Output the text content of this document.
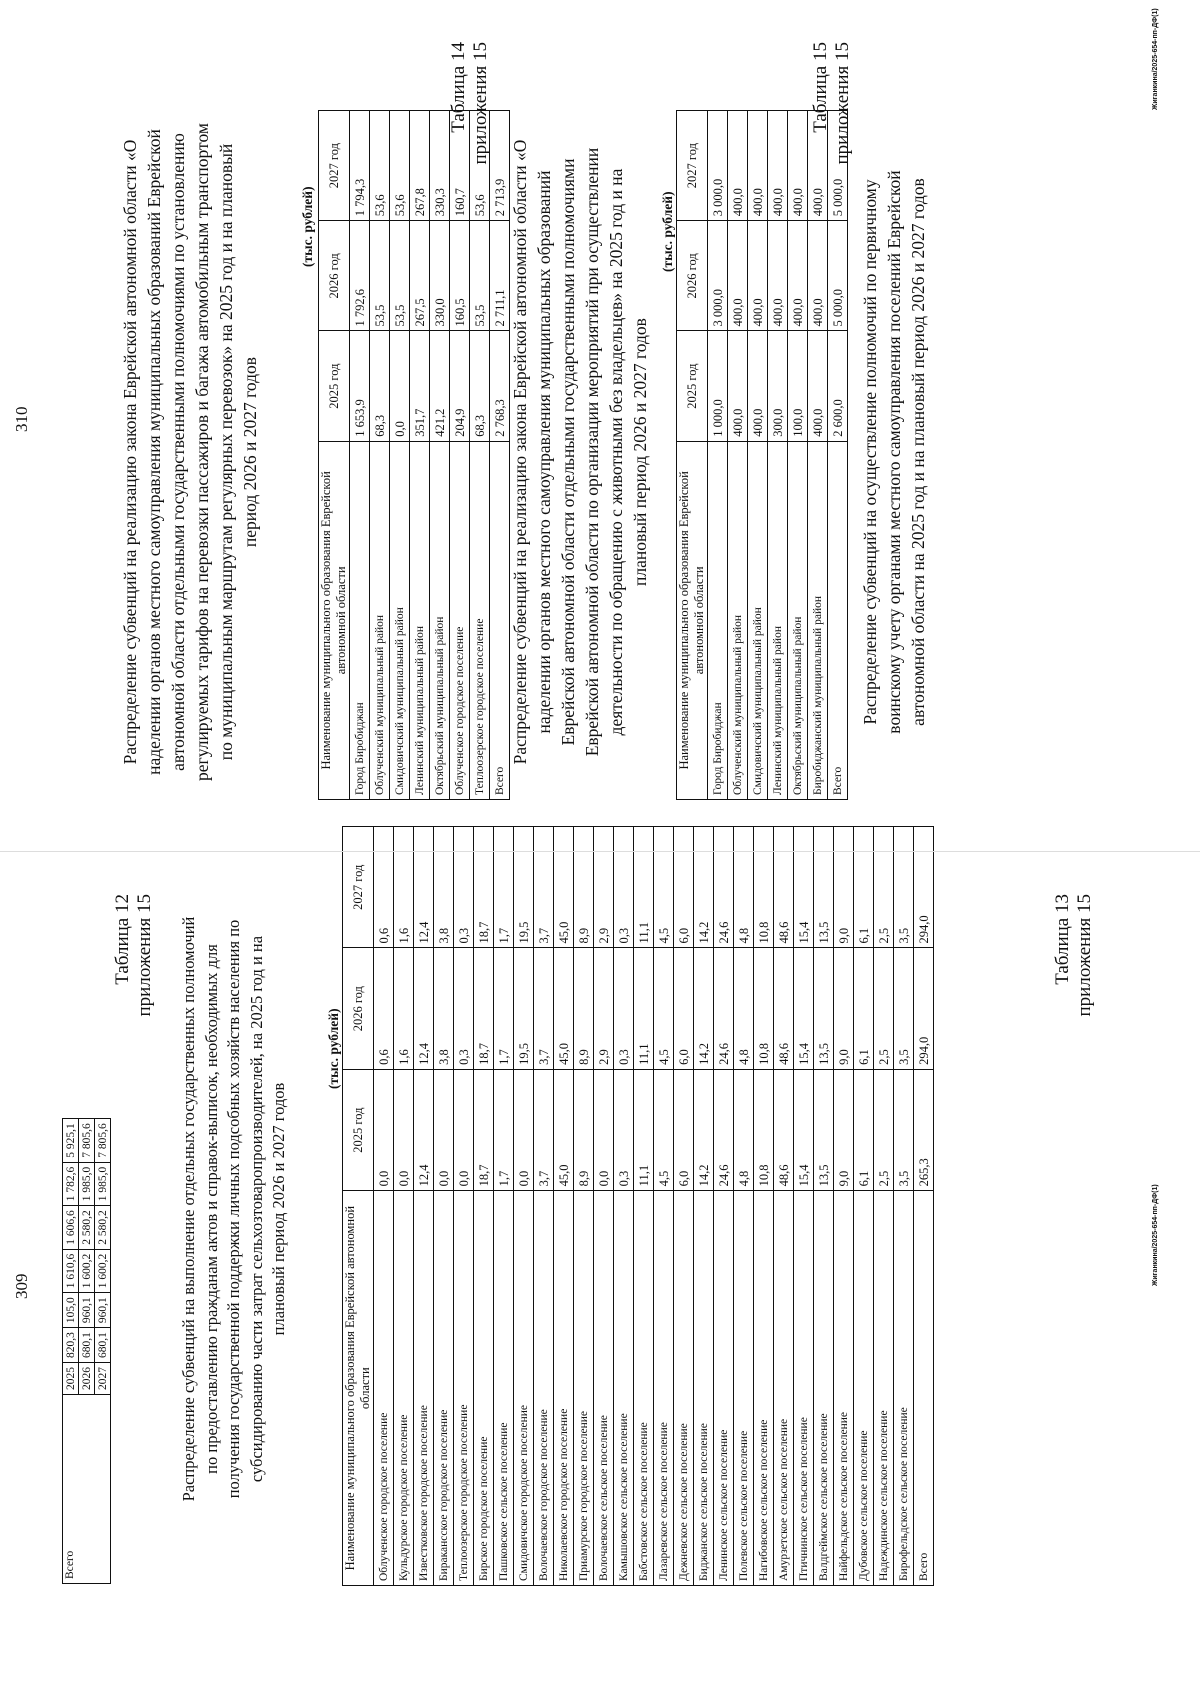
309
Всего	2025	820,3	105,0	1 610,6	1 606,6	1 782,6	5 925,1
	2026	680,1	960,1	1 600,2	2 580,2	1 985,0	7 805,6
	2027	680,1	960,1	1 600,2	2 580,2	1 985,0	7 805,6
Таблица 12 приложения 15 Распределение субвенций на выполнение отдельных государственных полномочий по предоставлению гражданам актов и справок-выписок, необходимых для получения государственной поддержки личных подсобных хозяйств населения по субсидированию части затрат сельхозтоваропроизводителей, на 2025 год и на плановый период 2026 и 2027 годов
(тыс. рублей)
Наименование муниципального образования Еврейской автономной области	2025 год	2026 год	2027 год
Облученское городское поселение	0,0	0,6	0,6
Кульдурское городское поселение	0,0	1,6	1,6
Известковское городское поселение	12,4	12,4	12,4
Биракансское городское поселение	0,0	3,8	3,8
Теплоозерское городское поселение	0,0	0,3	0,3
Бирское городское поселение	18,7	18,7	18,7
Пашковское сельское поселение	1,7	1,7	1,7
Смидовичское городское поселение	0,0	19,5	19,5
Волочаевское городское поселение	3,7	3,7	3,7
Николаевское городское поселение	45,0	45,0	45,0
Приамурское городское поселение	8,9	8,9	8,9
Волочаевское сельское поселение	0,0	2,9	2,9
Камышовское сельское поселение	0,3	0,3	0,3
Бабстовское сельское поселение	11,1	11,1	11,1
Лазаревское сельское поселение	4,5	4,5	4,5
Дежневское сельское поселение	6,0	6,0	6,0
Биджанское сельское поселение	14,2	14,2	14,2
Ленинское сельское поселение	24,6	24,6	24,6
Полевское сельское поселение	4,8	4,8	4,8
Нагибовское сельское поселение	10,8	10,8	10,8
Амурзетское сельское поселение	48,6	48,6	48,6
Птичнинское сельское поселение	15,4	15,4	15,4
Валдгеймское сельское поселение	13,5	13,5	13,5
Найфельдское сельское поселение	9,0	9,0	9,0
Дубовское сельское поселение	6,1	6,1	6,1
Надеждинское сельское поселение	2,5	2,5	2,5
Бирофельдское сельское поселение	3,5	3,5	3,5
Всего	265,3	294,0	294,0	Таблица 13 приложения 15
Жиганкина/2025-654-пп-ДФ(1)
310	Распределение субвенций на реализацию закона Еврейской автономной области «О наделении органов местного самоуправления муниципальных образований Еврейской автономной области отдельными государственными полномочиями по установлению регулируемых тарифов на перевозки пассажиров и багажа автомобильным транспортом по муниципальным маршрутам регулярных перевозок» на 2025 год и на плановый период 2026 и 2027 годов
(тыс. рублей)
Наименование муниципального образования Еврейской автономной области	2025 год	2026 год	2027 год
Город Биробиджан	1 653,9	1 792,6	1 794,3
Облученский муниципальный район	68,3	53,5	53,6
Смидовичский муниципальный район	0,0	53,5	53,6
Ленинский муниципальный район	351,7	267,5	267,8
Октябрьский муниципальный район	421,2	330,0	330,3
Облученское городское поселение	204,9	160,5	160,7
Теплоозерское городское поселение	68,3	53,5	53,6
Всего	2 768,3	2 711,1	2 713,9
Таблица 14 приложения 15
Распределение субвенций на реализацию закона Еврейской автономной области «О наделении органов местного самоуправления муниципальных образований Еврейской автономной области отдельными государственными полномочиями Еврейской автономной области по организации мероприятий при осуществлении деятельности по обращению с животными без владельцев» на 2025 год и на плановый период 2026 и 2027 годов
(тыс. рублей)
Наименование муниципального образования Еврейской автономной области	2025 год	2026 год	2027 год
Город Биробиджан	1 000,0	3 000,0	3 000,0
Облученский муниципальный район	400,0	400,0	400,0
Смидовичский муниципальный район	400,0	400,0	400,0
Ленинский муниципальный район	300,0	400,0	400,0
Октябрьский муниципальный район	100,0	400,0	400,0
Биробиджанский муниципальный район	400,0	400,0	400,0
Всего	2 600,0	5 000,0	5 000,0
Таблица 15 приложения 15
Распределение субвенций на осуществление полномочий по первичному воинскому учету органами местного самоуправления поселений Еврейской автономной области на 2025 год и на плановый период 2026 и 2027 годов
Жиганкина/2025-654-пп-ДФ(1)
